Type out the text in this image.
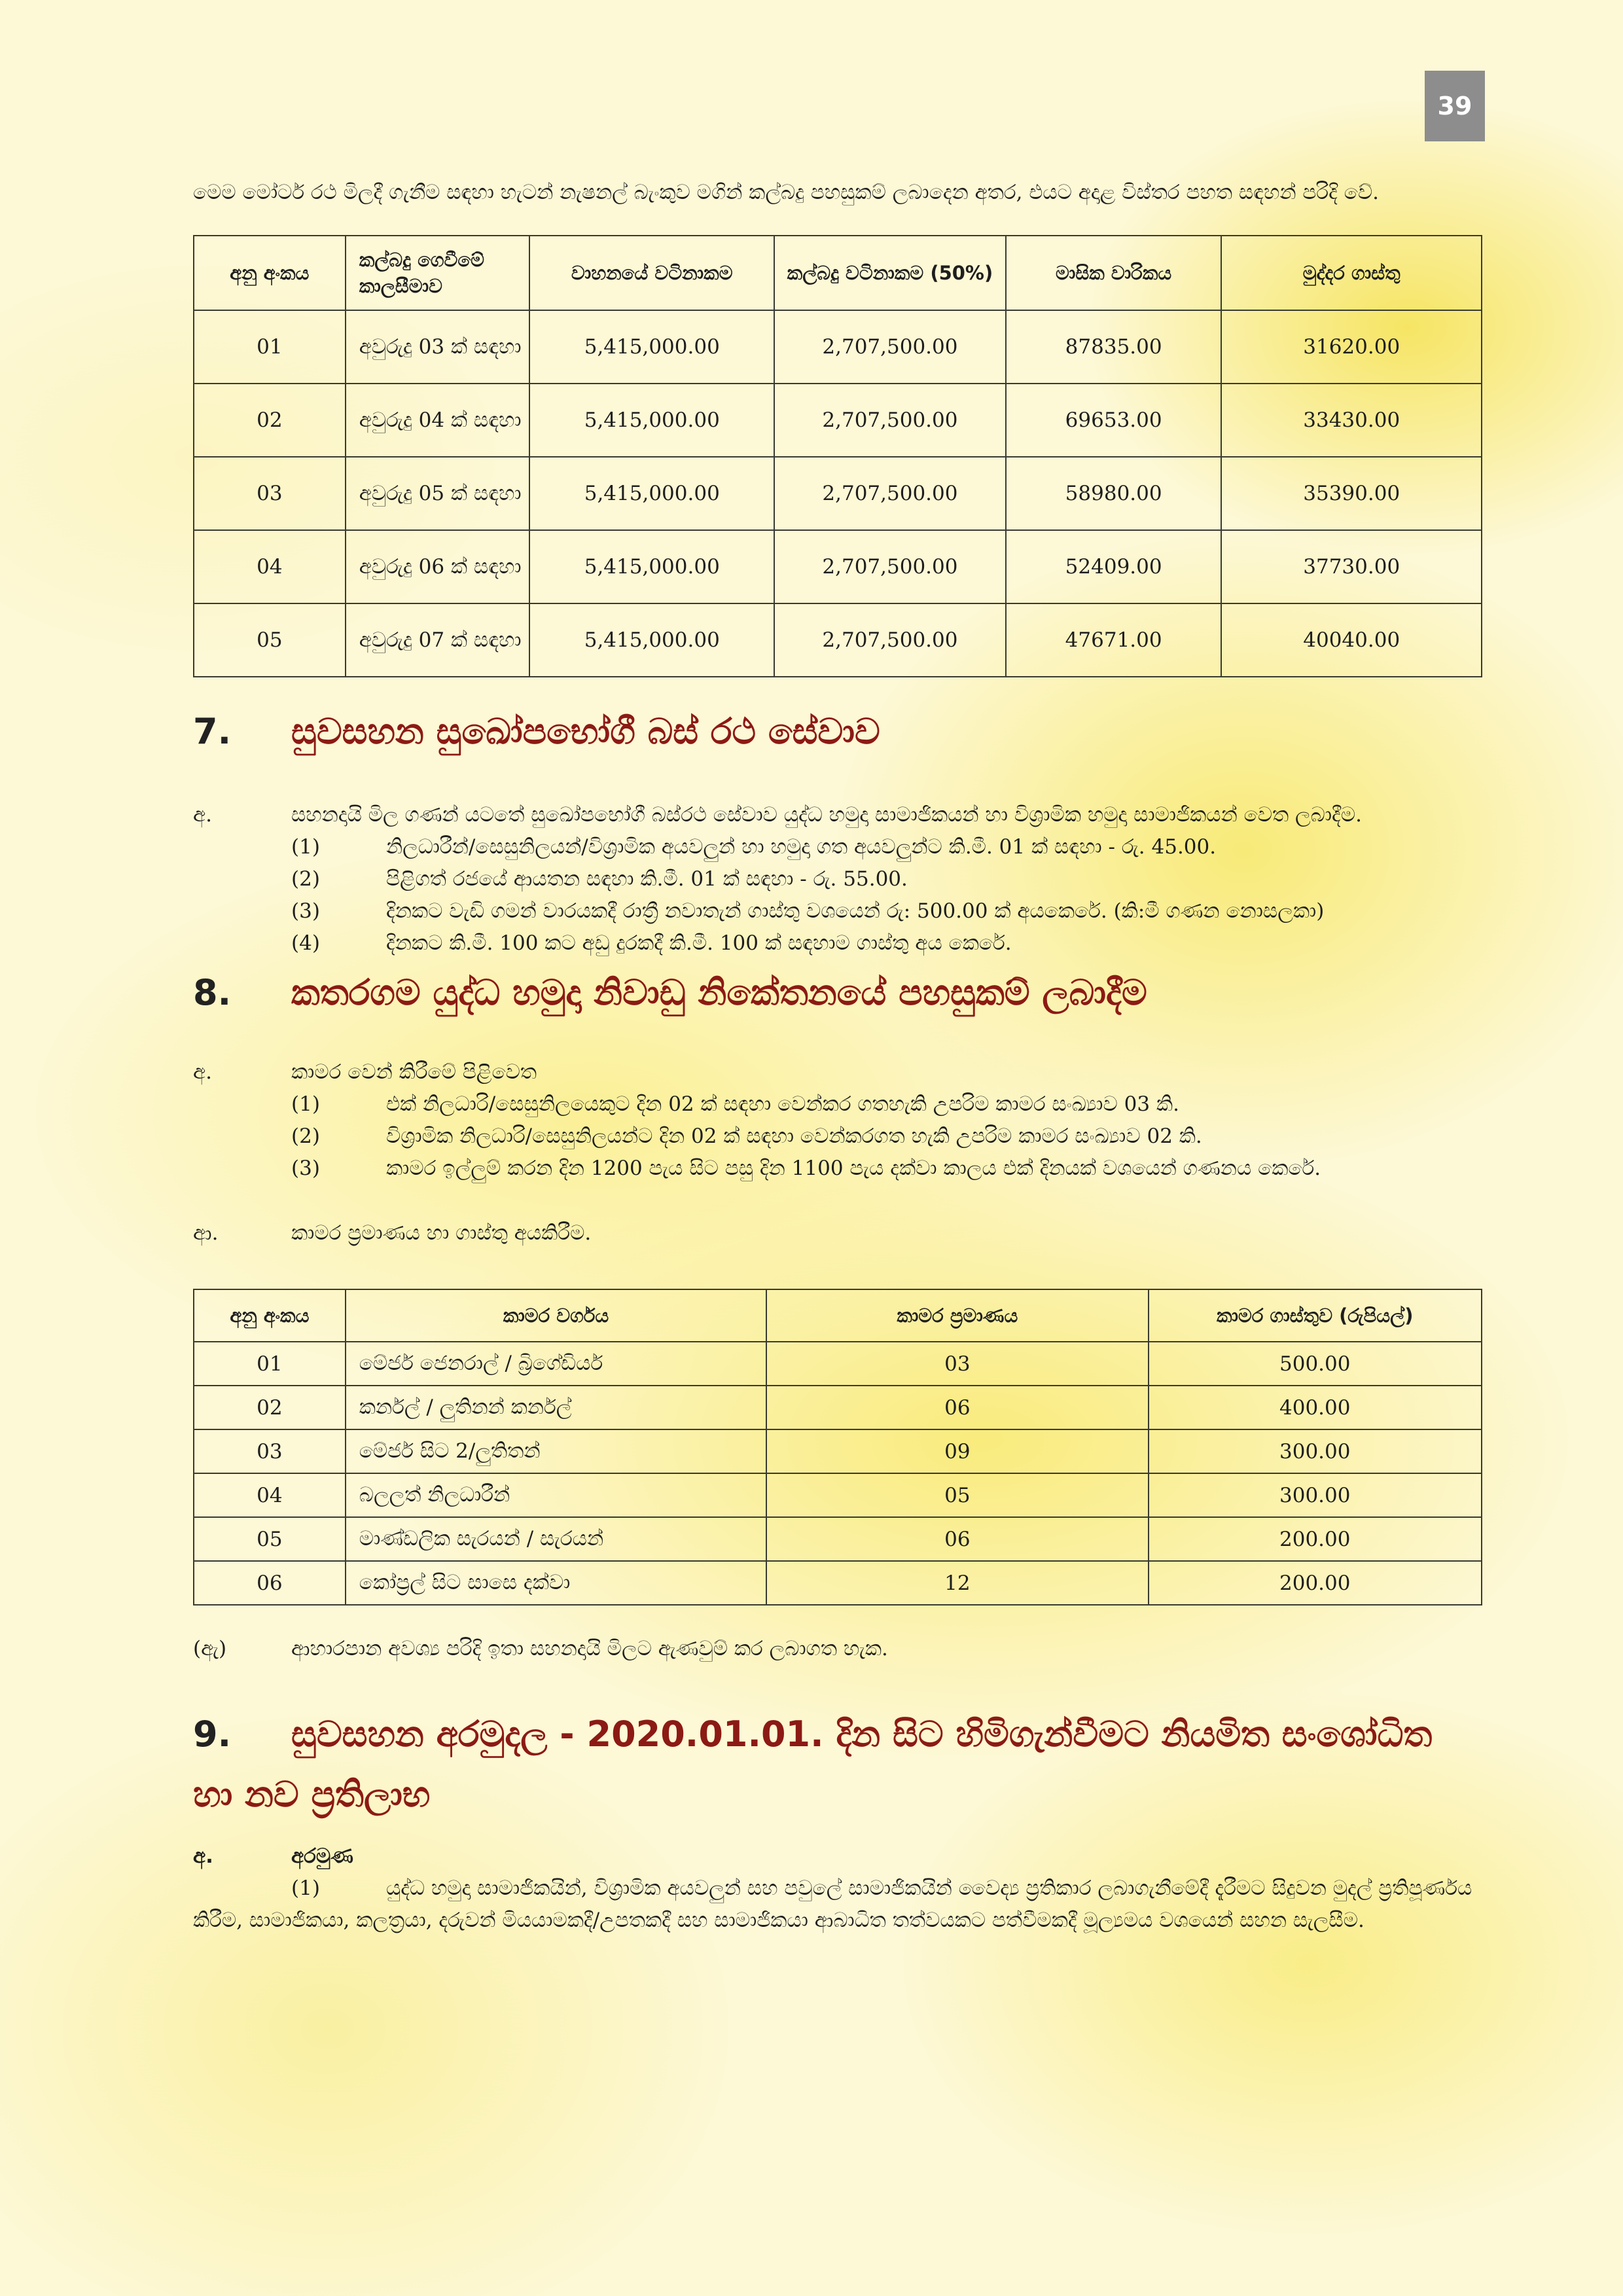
39

මෙම මෝටර් රථ මිලදී ගැනීම සඳහා හැටන් නැෂනල් බැංකුව මගින් කල්බදු පහසුකම් ලබාදෙන අතර, එයට අදාළ විස්තර පහත සඳහන් පරිදි වේ.

අනු අංකය	කල්බදු ගෙවීමේ කාලසීමාව	වාහනයේ වටිනාකම	කල්බදු වටිනාකම (50%)	මාසික වාරිකය	මුද්දර ගාස්තු
01	අවුරුදු 03 ක් සඳහා	5,415,000.00	2,707,500.00	87835.00	31620.00
02	අවුරුදු 04 ක් සඳහා	5,415,000.00	2,707,500.00	69653.00	33430.00
03	අවුරුදු 05 ක් සඳහා	5,415,000.00	2,707,500.00	58980.00	35390.00
04	අවුරුදු 06 ක් සඳහා	5,415,000.00	2,707,500.00	52409.00	37730.00
05	අවුරුදු 07 ක් සඳහා	5,415,000.00	2,707,500.00	47671.00	40040.00
7. සුවසහන සුඛෝපභෝගී බස් රථ සේවාව
අ.	සහනදායි මිල ගණන් යටතේ සුඛෝපභෝගී බස්රථ සේවාව යුද්ධ හමුදා සාමාජිකයන් හා විශ්‍රාමික හමුදා සාමාජිකයන් වෙත ලබාදීම.
(1)	නිලධාරීන්/සෙසුනිලයන්/විශ්‍රාමික අයවලුන් හා හමුදා ගත අයවලුන්ට කි.මී. 01 ක් සඳහා - රු. 45.00.
(2)	පිළිගත් රජයේ ආයතන සඳහා කි.මී. 01 ක් සඳහා - රු. 55.00.
(3)	දිනකට වැඩි ගමන් වාරයකදී රාත්‍රී නවාතැන් ගාස්තු වශයෙන් රු: 500.00 ක් අයකෙරේ. (කි:මී ගණන නොසලකා)
(4)	දිනකට කි.මී. 100 කට අඩු දුරකදී කි.මී. 100 ක් සඳහාම ගාස්තු අය කෙරේ.
8. කතරගම යුද්ධ හමුදා නිවාඩු නිකේතනයේ පහසුකම් ලබාදීම
අ.	කාමර වෙන් කිරීමේ පිළිවෙත
(1)	එක් නිලධාරි/සෙසුනිලයෙකුට දින 02 ක් සඳහා වෙන්කර ගතහැකි උපරිම කාමර සංඛ්‍යාව 03 කි.
(2)	විශ්‍රාමික නිලධාරි/සෙසුනිලයන්ට දින 02 ක් සඳහා වෙන්කරගත හැකි උපරිම කාමර සංඛ්‍යාව 02 කි.
(3)	කාමර ඉල්ලුම් කරන දින 1200 පැය සිට පසු දින 1100 පැය දක්වා කාලය එක් දිනයක් වශයෙන් ගණනය කෙරේ.
ආ.	කාමර ප්‍රමාණය හා ගාස්තු අයකිරීම.
අනු අංකය	කාමර වර්ගය	කාමර ප්‍රමාණය	කාමර ගාස්තුව (රුපියල්)
01	මේජර් ජෙනරාල් / බ්‍රිගේඩියර්	03	500.00
02	කර්නල් / ලුතිනන් කර්නල්	06	400.00
03	මේජර් සිට 2/ලුතිතන්	09	300.00
04	බලලත් නිලධාරීන්	05	300.00
05	මාණ්ඩලික සැරයන් / සැරයන්	06	200.00
06	කෝප්‍රල් සිට සාසෙ දක්වා	12	200.00
(ඇ)	ආහාරපාන අවශ්‍ය පරිදි ඉතා සහනදායි මිලට ඇණවුම් කර ලබාගත හැක.
9. සුවසහන අරමුදල - 2020.01.01. දින සිට හිමිගැන්වීමට නියමිත සංශෝධිත
හා නව ප්‍රතිලාභ
අ.	අරමුණ
(1)	යුද්ධ හමුදා සාමාජිකයින්, විශ්‍රාමික අයවලුන් සහ පවුලේ සාමාජිකයින් වෛද්‍ය ප්‍රතිකාර ලබාගැනීමේදී දැරීමට සිදුවන මුදල් ප්‍රතිපූර්ණය කිරීම, සාමාජිකයා, කලත්‍රයා, දරුවන් මියයාමකදී/උපතකදී සහ සාමාජිකයා ආබාධිත තත්වයකට පත්වීමකදී මූල්‍යමය වශයෙන් සහන සැලසීම.
